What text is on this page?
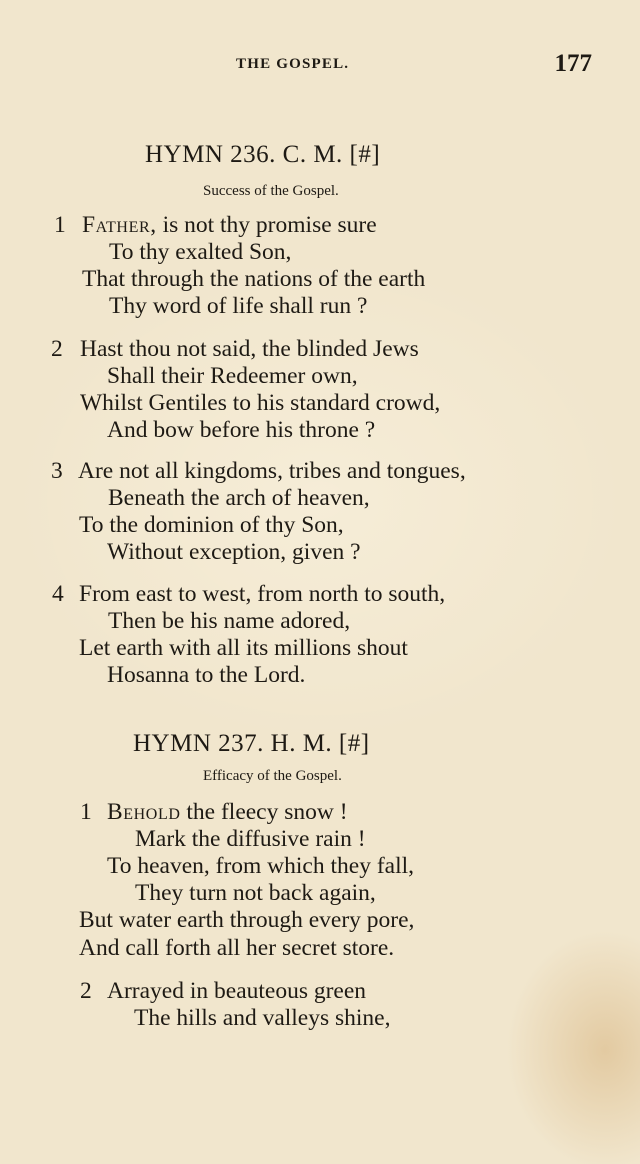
THE GOSPEL.	177
HYMN 236. C. M. [#]
Success of the Gospel.
1 Father, is not thy promise sure
To thy exalted Son,
That through the nations of the earth
Thy word of life shall run ?
2 Hast thou not said, the blinded Jews
Shall their Redeemer own,
Whilst Gentiles to his standard crowd,
And bow before his throne ?
3 Are not all kingdoms, tribes and tongues,
Beneath the arch of heaven,
To the dominion of thy Son,
Without exception, given ?
4 From east to west, from north to south,
Then be his name adored,
Let earth with all its millions shout
Hosanna to the Lord.
HYMN 237. H. M. [#]
Efficacy of the Gospel.
1 Behold the fleecy snow !
Mark the diffusive rain !
To heaven, from which they fall,
They turn not back again,
But water earth through every pore,
And call forth all her secret store.
2 Arrayed in beauteous green
The hills and valleys shine,
